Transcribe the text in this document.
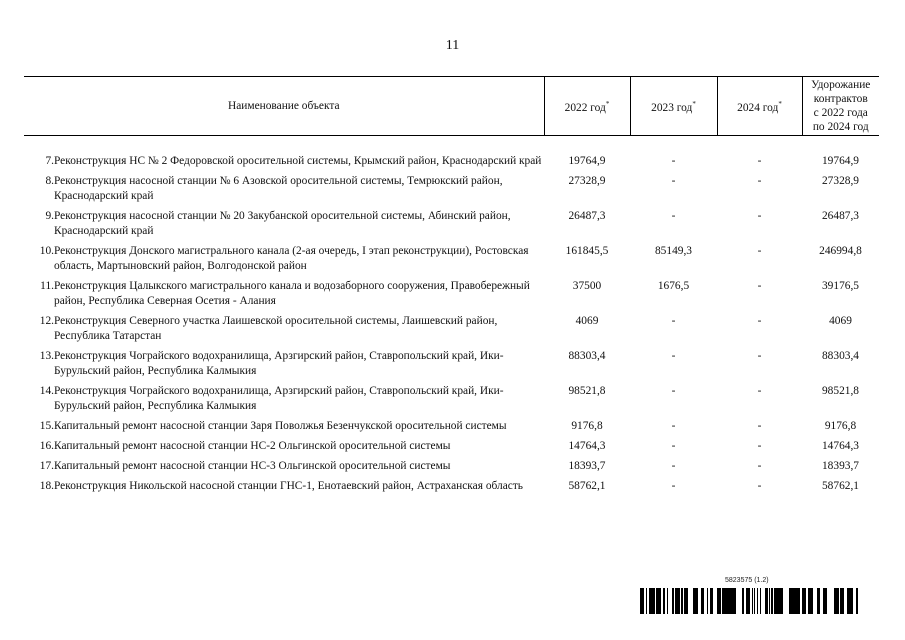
11
Наименование объекта		2022 год*	2023 год*	2024 год*	Удорожание
контрактов
с 2022 года
по 2024 год

7.	Реконструкция НС № 2 Федоровской оросительной системы, Крымский район, Краснодарский край	19764,9	-	-	19764,9
8.	Реконструкция насосной станции № 6 Азовской оросительной системы, Темрюкский район, Краснодарский край	27328,9	-	-	27328,9
9.	Реконструкция насосной станции № 20 Закубанской оросительной системы, Абинский район, Краснодарский край	26487,3	-	-	26487,3
10.	Реконструкция Донского магистрального канала (2-ая очередь, I этап реконструкции), Ростовская область, Мартыновский район, Волгодонской район	161845,5	85149,3	-	246994,8
11.	Реконструкция Цалыкского магистрального канала и водозаборного сооружения, Правобережный район, Республика Северная Осетия - Алания	37500	1676,5	-	39176,5
12.	Реконструкция Северного участка Лаишевской оросительной системы, Лаишевский район, Республика Татарстан	4069	-	-	4069
13.	Реконструкция Чограйского водохранилища, Арзгирский район, Ставропольский край, Ики-Бурульский район, Республика Калмыкия	88303,4	-	-	88303,4
14.	Реконструкция Чограйского водохранилища, Арзгирский район, Ставропольский край, Ики-Бурульский район, Республика Калмыкия	98521,8	-	-	98521,8
15.	Капитальный ремонт насосной станции Заря Поволжья Безенчукской оросительной системы	9176,8	-	-	9176,8
16.	Капитальный ремонт насосной станции НС-2 Ольгинской оросительной системы	14764,3	-	-	14764,3
17.	Капитальный ремонт насосной станции НС-3 Ольгинской оросительной системы	18393,7	-	-	18393,7
18.	Реконструкция Никольской насосной станции ГНС-1, Енотаевский район, Астраханская область	58762,1	-	-	58762,1
5823575 (1.2)
